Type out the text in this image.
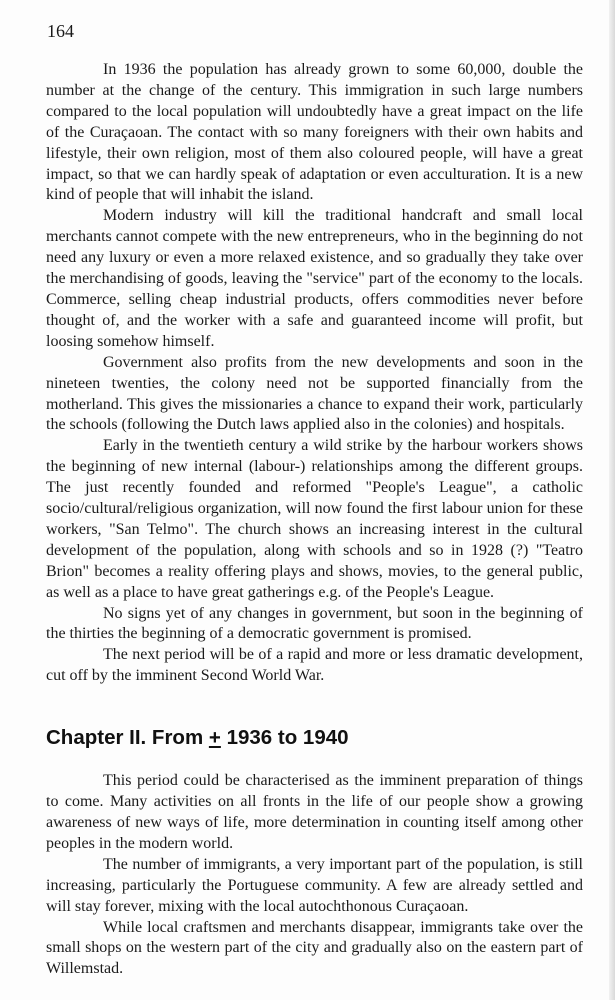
164

In 1936 the population has already grown to some 60,000, double the number at the change of the century. This immigration in such large numbers compared to the local population will undoubtedly have a great impact on the life of the Curaçaoan. The contact with so many foreigners with their own habits and lifestyle, their own religion, most of them also coloured people, will have a great impact, so that we can hardly speak of adaptation or even acculturation. It is a new kind of people that will inhabit the island.

Modern industry will kill the traditional handcraft and small local merchants cannot compete with the new entrepreneurs, who in the beginning do not need any luxury or even a more relaxed existence, and so gradually they take over the merchandising of goods, leaving the "service" part of the economy to the locals. Commerce, selling cheap industrial products, offers commodities never before thought of, and the worker with a safe and guaranteed income will profit, but loosing somehow himself.

Government also profits from the new developments and soon in the nineteen twenties, the colony need not be supported financially from the motherland. This gives the missionaries a chance to expand their work, particularly the schools (following the Dutch laws applied also in the colonies) and hospitals.

Early in the twentieth century a wild strike by the harbour workers shows the beginning of new internal (labour-) relationships among the different groups. The just recently founded and reformed "People's League", a catholic socio/cultural/religious organization, will now found the first labour union for these workers, "San Telmo". The church shows an increasing interest in the cultural development of the population, along with schools and so in 1928 (?) "Teatro Brion" becomes a reality offering plays and shows, movies, to the general public, as well as a place to have great gatherings e.g. of the People's League.

No signs yet of any changes in government, but soon in the beginning of the thirties the beginning of a democratic government is promised.

The next period will be of a rapid and more or less dramatic development, cut off by the imminent Second World War.

Chapter II. From + 1936 to 1940

This period could be characterised as the imminent preparation of things to come. Many activities on all fronts in the life of our people show a growing awareness of new ways of life, more determination in counting itself among other peoples in the modern world.

The number of immigrants, a very important part of the population, is still increasing, particularly the Portuguese community. A few are already settled and will stay forever, mixing with the local autochthonous Curaçaoan.

While local craftsmen and merchants disappear, immigrants take over the small shops on the western part of the city and gradually also on the eastern part of Willemstad.
